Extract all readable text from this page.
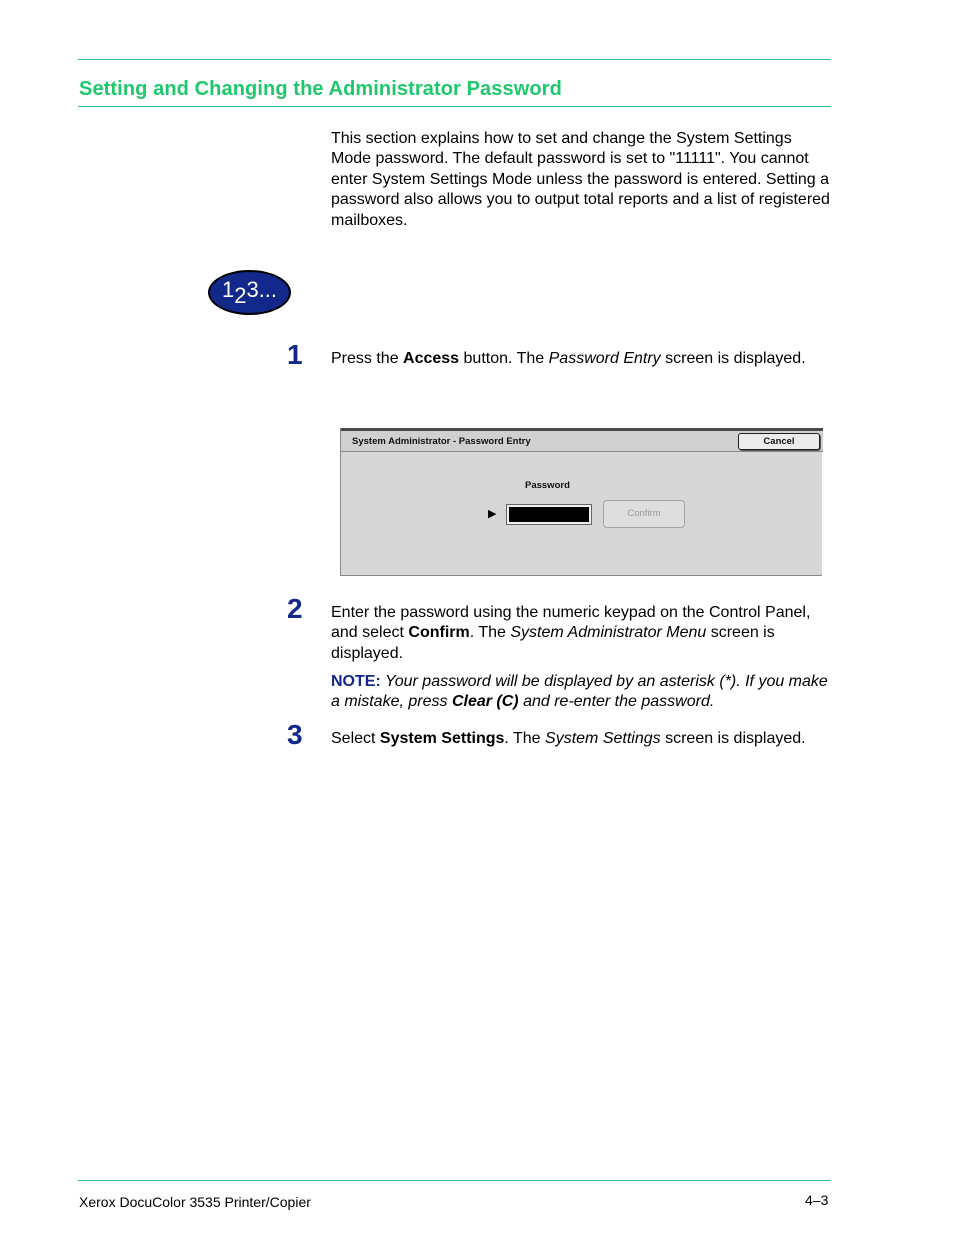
Setting and Changing the Administrator Password

This section explains how to set and change the System Settings Mode password. The default password is set to "11111". You cannot enter System Settings Mode unless the password is entered. Setting a password also allows you to output total reports and a list of registered mailboxes.

1 2 3...
1 Press the Access button. The Password Entry screen is displayed.

System Administrator - Password Entry	Cancel
Password
▶	Confirm
2 Enter the password using the numeric keypad on the Control Panel, and select Confirm. The System Administrator Menu screen is displayed.

NOTE: Your password will be displayed by an asterisk (*). If you make a mistake, press Clear (C) and re-enter the password.

3 Select System Settings. The System Settings screen is displayed.

Xerox DocuColor 3535 Printer/Copier	4–3
